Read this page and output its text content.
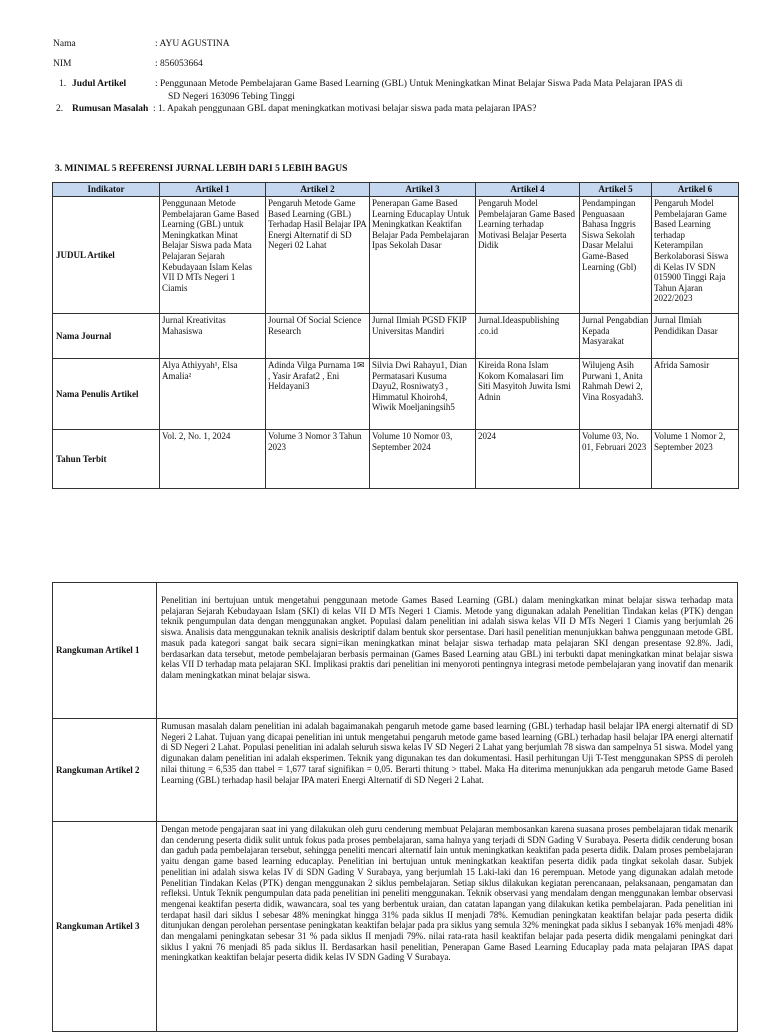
Nama	: AYU AGUSTINA
NIM	: 856053664
1. Judul Artikel	: Penggunaan Metode Pembelajaran Game Based Learning (GBL) Untuk Meningkatkan Minat Belajar Siswa Pada Mata Pelajaran IPAS di
SD Negeri 163096 Tebing Tinggi
2. Rumusan Masalah : 1. Apakah penggunaan GBL dapat meningkatkan motivasi belajar siswa pada mata pelajaran IPAS?
3. MINIMAL 5 REFERENSI JURNAL LEBIH DARI 5 LEBIH BAGUS
Indikator	Artikel 1	Artikel 2	Artikel 3	Artikel 4	Artikel 5	Artikel 6
JUDUL Artikel	Penggunaan Metode Pembelajaran Game Based Learning (GBL) untuk Meningkatkan Minat Belajar Siswa pada Mata Pelajaran Sejarah Kebudayaan Islam Kelas VII D MTs Negeri 1 Ciamis	Pengaruh Metode Game Based Learning (GBL) Terhadap Hasil Belajar IPA Energi Alternatif di SD Negeri 02 Lahat	Penerapan Game Based Learning Educaplay Untuk Meningkatkan Keaktifan Belajar Pada Pembelajaran Ipas Sekolah Dasar	Pengaruh Model Pembelajaran Game Based Learning terhadap Motivasi Belajar Peserta Didik	Pendampingan Penguasaan Bahasa Inggris Siswa Sekolah Dasar Melalui Game-Based Learning (Gbl)	Pengaruh Model Pembelajaran Game Based Learning terhadap Keterampilan Berkolaborasi Siswa di Kelas IV SDN 015900 Tinggi Raja Tahun Ajaran 2022/2023
Nama Journal	Jurnal Kreativitas Mahasiswa	Journal Of Social Science Research	Jurnal Ilmiah PGSD FKIP Universitas Mandiri	Jurnal.Ideaspublishing .co.id	Jurnal Pengabdian Kepada Masyarakat	Jurnal Ilmiah Pendidikan Dasar
Nama Penulis Artikel	Alya Athiyyah¹, Elsa Amalia²	Adinda Vilga Purnama 1✉ , Yasir Arafat2 , Eni Heldayani3	Silvia Dwi Rahayu1, Dian Permatasari Kusuma Dayu2, Rosniwaty3 , Himmatul Khoiroh4, Wiwik Moeljaningsih5	Kireida Rona Islam Kokom Komalasari Iim Siti Masyitoh Juwita Ismi Adnin	Wilujeng Asih Purwani 1, Anita Rahmah Dewi 2, Vina Rosyadah3.	Afrida Samosir
Tahun Terbit	Vol. 2, No. 1, 2024	Volume 3 Nomor 3 Tahun 2023	Volume 10 Nomor 03, September 2024	2024	Volume 03, No. 01, Februari 2023	Volume 1 Nomor 2, September 2023
Rangkuman Artikel 1	Penelitian ini bertujuan untuk mengetahui penggunaan metode Games Based Learning (GBL) dalam meningkatkan minat belajar siswa terhadap mata pelajaran Sejarah Kebudayaan Islam (SKI) di kelas VII D MTs Negeri 1 Ciamis. Metode yang digunakan adalah Penelitian Tindakan kelas (PTK) dengan teknik pengumpulan data dengan menggunakan angket. Populasi dalam penelitian ini adalah siswa kelas VII D MTs Negeri 1 Ciamis yang berjumlah 26 siswa. Analisis data menggunakan teknik analisis deskriptif dalam bentuk skor persentase. Dari hasil penelitian menunjukkan bahwa penggunaan metode GBL masuk pada kategori sangat baik secara signi=ikan meningkatkan minat belajar siswa terhadap mata pelajaran SKI dengan presentase 92.8%. Jadi, berdasarkan data tersebut, metode pembelajaran berbasis permainan (Games Based Learning atau GBL) ini terbukti dapat meningkatkan minat belajar siswa kelas VII D terhadap mata pelajaran SKI. Implikasi praktis dari penelitian ini menyoroti pentingnya integrasi metode pembelajaran yang inovatif dan menarik dalam meningkatkan minat belajar siswa.
Rangkuman Artikel 2	Rumusan masalah dalam penelitian ini adalah bagaimanakah pengaruh metode game based learning (GBL) terhadap hasil belajar IPA energi alternatif di SD Negeri 2 Lahat. Tujuan yang dicapai penelitian ini untuk mengetahui pengaruh metode game based learning (GBL) terhadap hasil belajar IPA energi alternatif di SD Negeri 2 Lahat. Populasi penelitian ini adalah seluruh siswa kelas IV SD Negeri 2 Lahat yang berjumlah 78 siswa dan sampelnya 51 siswa. Model yang digunakan dalam penelitian ini adalah eksperimen. Teknik yang digunakan tes dan dokumentasi. Hasil perhitungan Uji T-Test menggunakan SPSS di peroleh nilai thitung = 6,535 dan ttabel = 1,677 taraf signifikan = 0,05. Berarti thitung > ttabel. Maka Ha diterima menunjukkan ada pengaruh metode Game Based Learning (GBL) terhadap hasil belajar IPA materi Energi Alternatif di SD Negeri 2 Lahat.
Rangkuman Artikel 3	Dengan metode pengajaran saat ini yang dilakukan oleh guru cenderung membuat Pelajaran membosankan karena suasana proses pembelajaran tidak menarik dan cenderung peserta didik sulit untuk fokus pada proses pembelajaran, sama halnya yang terjadi di SDN Gading V Surabaya. Peserta didik cenderung bosan dan gaduh pada pembelajaran tersebut, sehingga peneliti mencari alternatif lain untuk meningkatkan keaktifan pada peserta didik. Dalam proses pembelajaran yaitu dengan game based learning educaplay. Penelitian ini bertujuan untuk meningkatkan keaktifan peserta didik pada tingkat sekolah dasar. Subjek penelitian ini adalah siswa kelas IV di SDN Gading V Surabaya, yang berjumlah 15 Laki-laki dan 16 perempuan. Metode yang digunakan adalah metode Penelitian Tindakan Kelas (PTK) dengan menggunakan 2 siklus pembelajaran. Setiap siklus dilakukan kegiatan perencanaan, pelaksanaan, pengamatan dan refleksi. Untuk Teknik pengumpulan data pada penelitian ini peneliti menggunakan. Teknik observasi yang mendalam dengan menggunakan lembar observasi mengenai keaktifan peserta didik, wawancara, soal tes yang berbentuk uraian, dan catatan lapangan yang dilakukan ketika pembelajaran. Pada penelitian ini terdapat hasil dari siklus I sebesar 48% meningkat hingga 31% pada siklus II menjadi 78%. Kemudian peningkatan keaktifan belajar pada peserta didik ditunjukan dengan perolehan persentase peningkatan keaktifan belajar pada pra siklus yang semula 32% meningkat pada siklus I sebanyak 16% menjadi 48% dan mengalami peningkatan sebesar 31 % pada siklus II menjadi 79%. nilai rata-rata hasil keaktifan belajar pada peserta didik mengalami peningkat dari siklus I yakni 76 menjadi 85 pada siklus II. Berdasarkan hasil penelitian, Penerapan Game Based Learning Educaplay pada mata pelajaran IPAS dapat meningkatkan keaktifan belajar peserta didik kelas IV SDN Gading V Surabaya.
